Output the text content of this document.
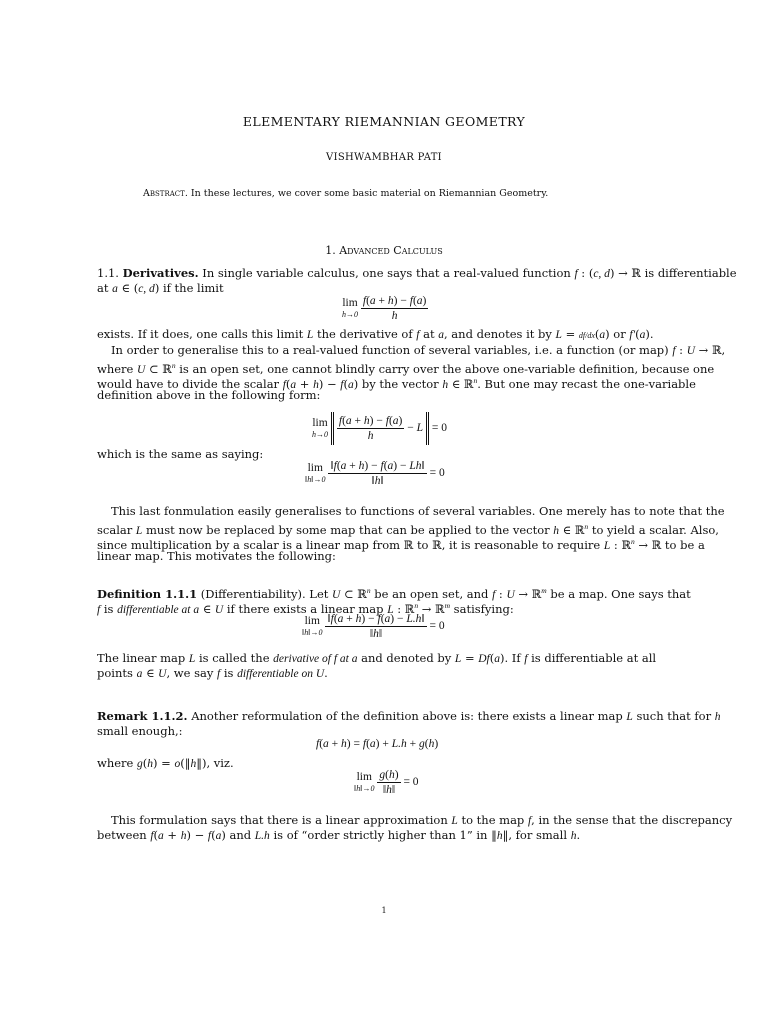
ELEMENTARY RIEMANNIAN GEOMETRY
VISHWAMBHAR PATI
Abstract. In these lectures, we cover some basic material on Riemannian Geometry.
1. Advanced Calculus
1.1. Derivatives. In single variable calculus, one says that a real-valued function f : (c, d) → ℝ is differentiable
at a ∈ (c, d) if the limit
lim
h→0
$\frac{f(a + h) - f(a)}{h}$
exists. If it does, one calls this limit L the derivative of f at a, and denotes it by L = df/dx(a) or f′(a).
In order to generalise this to a real-valued function of several variables, i.e. a function (or map) f : U → ℝ,
where U ⊂ ℝ$^n$ is an open set, one cannot blindly carry over the above one-variable definition, because one
would have to divide the scalar f(a + h) − f(a) by the vector h ∈ ℝ$^n$. But one may recast the one-variable
definition above in the following form:
lim
h→0
$\frac{f(a + h) - f(a)}{h} - L = 0$
which is the same as saying:
lim
‖h‖→0
$\frac{‖f(a + h) - f(a) - Lh‖}{‖h‖} = 0$
This last fonmulation easily generalises to functions of several variables. One merely has to note that the
scalar L must now be replaced by some map that can be applied to the vector h ∈ ℝ$^n$ to yield a scalar. Also,
since multiplication by a scalar is a linear map from ℝ to ℝ, it is reasonable to require L : ℝ$^n$ → ℝ to be a
linear map. This motivates the following:
Definition 1.1.1 (Differentiability). Let U ⊂ ℝ$^n$ be an open set, and f : U → ℝ$^m$ be a map. One says that
f is differentiable at a ∈ U if there exists a linear map L : ℝ$^n$ → ℝ$^m$ satisfying:
lim
‖h‖→0
$\frac{‖f(a + h) - f(a) - L.h‖}{‖h‖} = 0$
The linear map L is called the derivative of f at a and denoted by L = Df(a). If f is differentiable at all
points a ∈ U, we say f is differentiable on U.
Remark 1.1.2. Another reformulation of the definition above is: there exists a linear map L such that for h
small enough,:
f(a + h) = f(a) + L.h + g(h)
where g(h) = o(‖h‖), viz.
lim
‖h‖→0
$\frac{g(h)}{‖h‖} = 0$
This formulation says that there is a linear approximation L to the map f, in the sense that the discrepancy
between f(a + h) − f(a) and L.h is of “order strictly higher than 1” in ‖h‖, for small h.
1
